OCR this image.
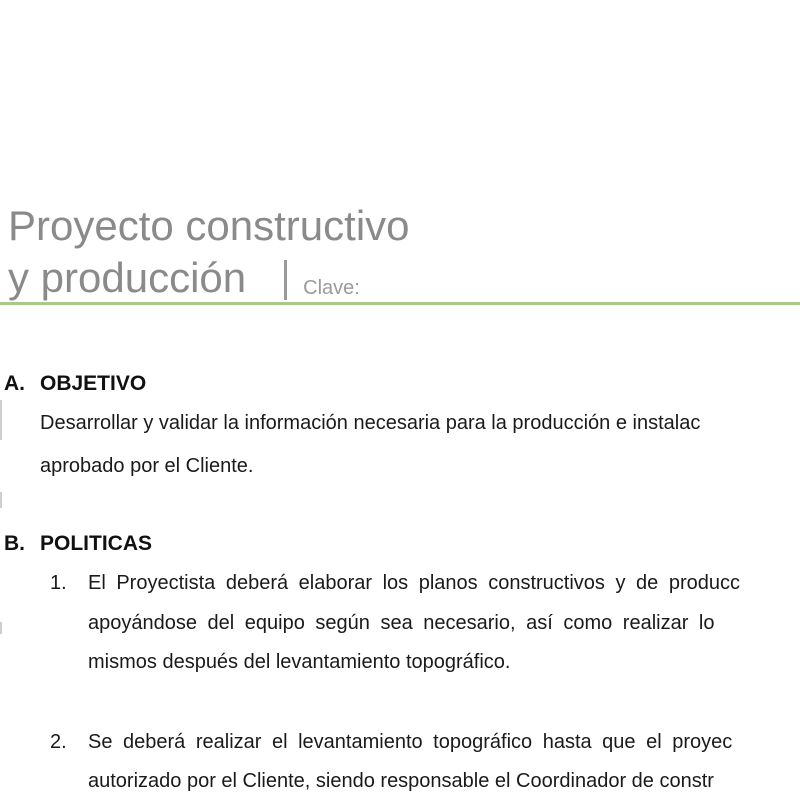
Proyecto constructivo
y producción	Clave:
A. OBJETIVO
Desarrollar y validar la información necesaria para la producción e instalac
aprobado por el Cliente.
B. POLITICAS
1. El Proyectista deberá elaborar los planos constructivos y de producc
apoyándose del equipo según sea necesario, así como realizar lo
mismos después del levantamiento topográfico.
2. Se deberá realizar el levantamiento topográfico hasta que el proyec
autorizado por el Cliente, siendo responsable el Coordinador de constr
